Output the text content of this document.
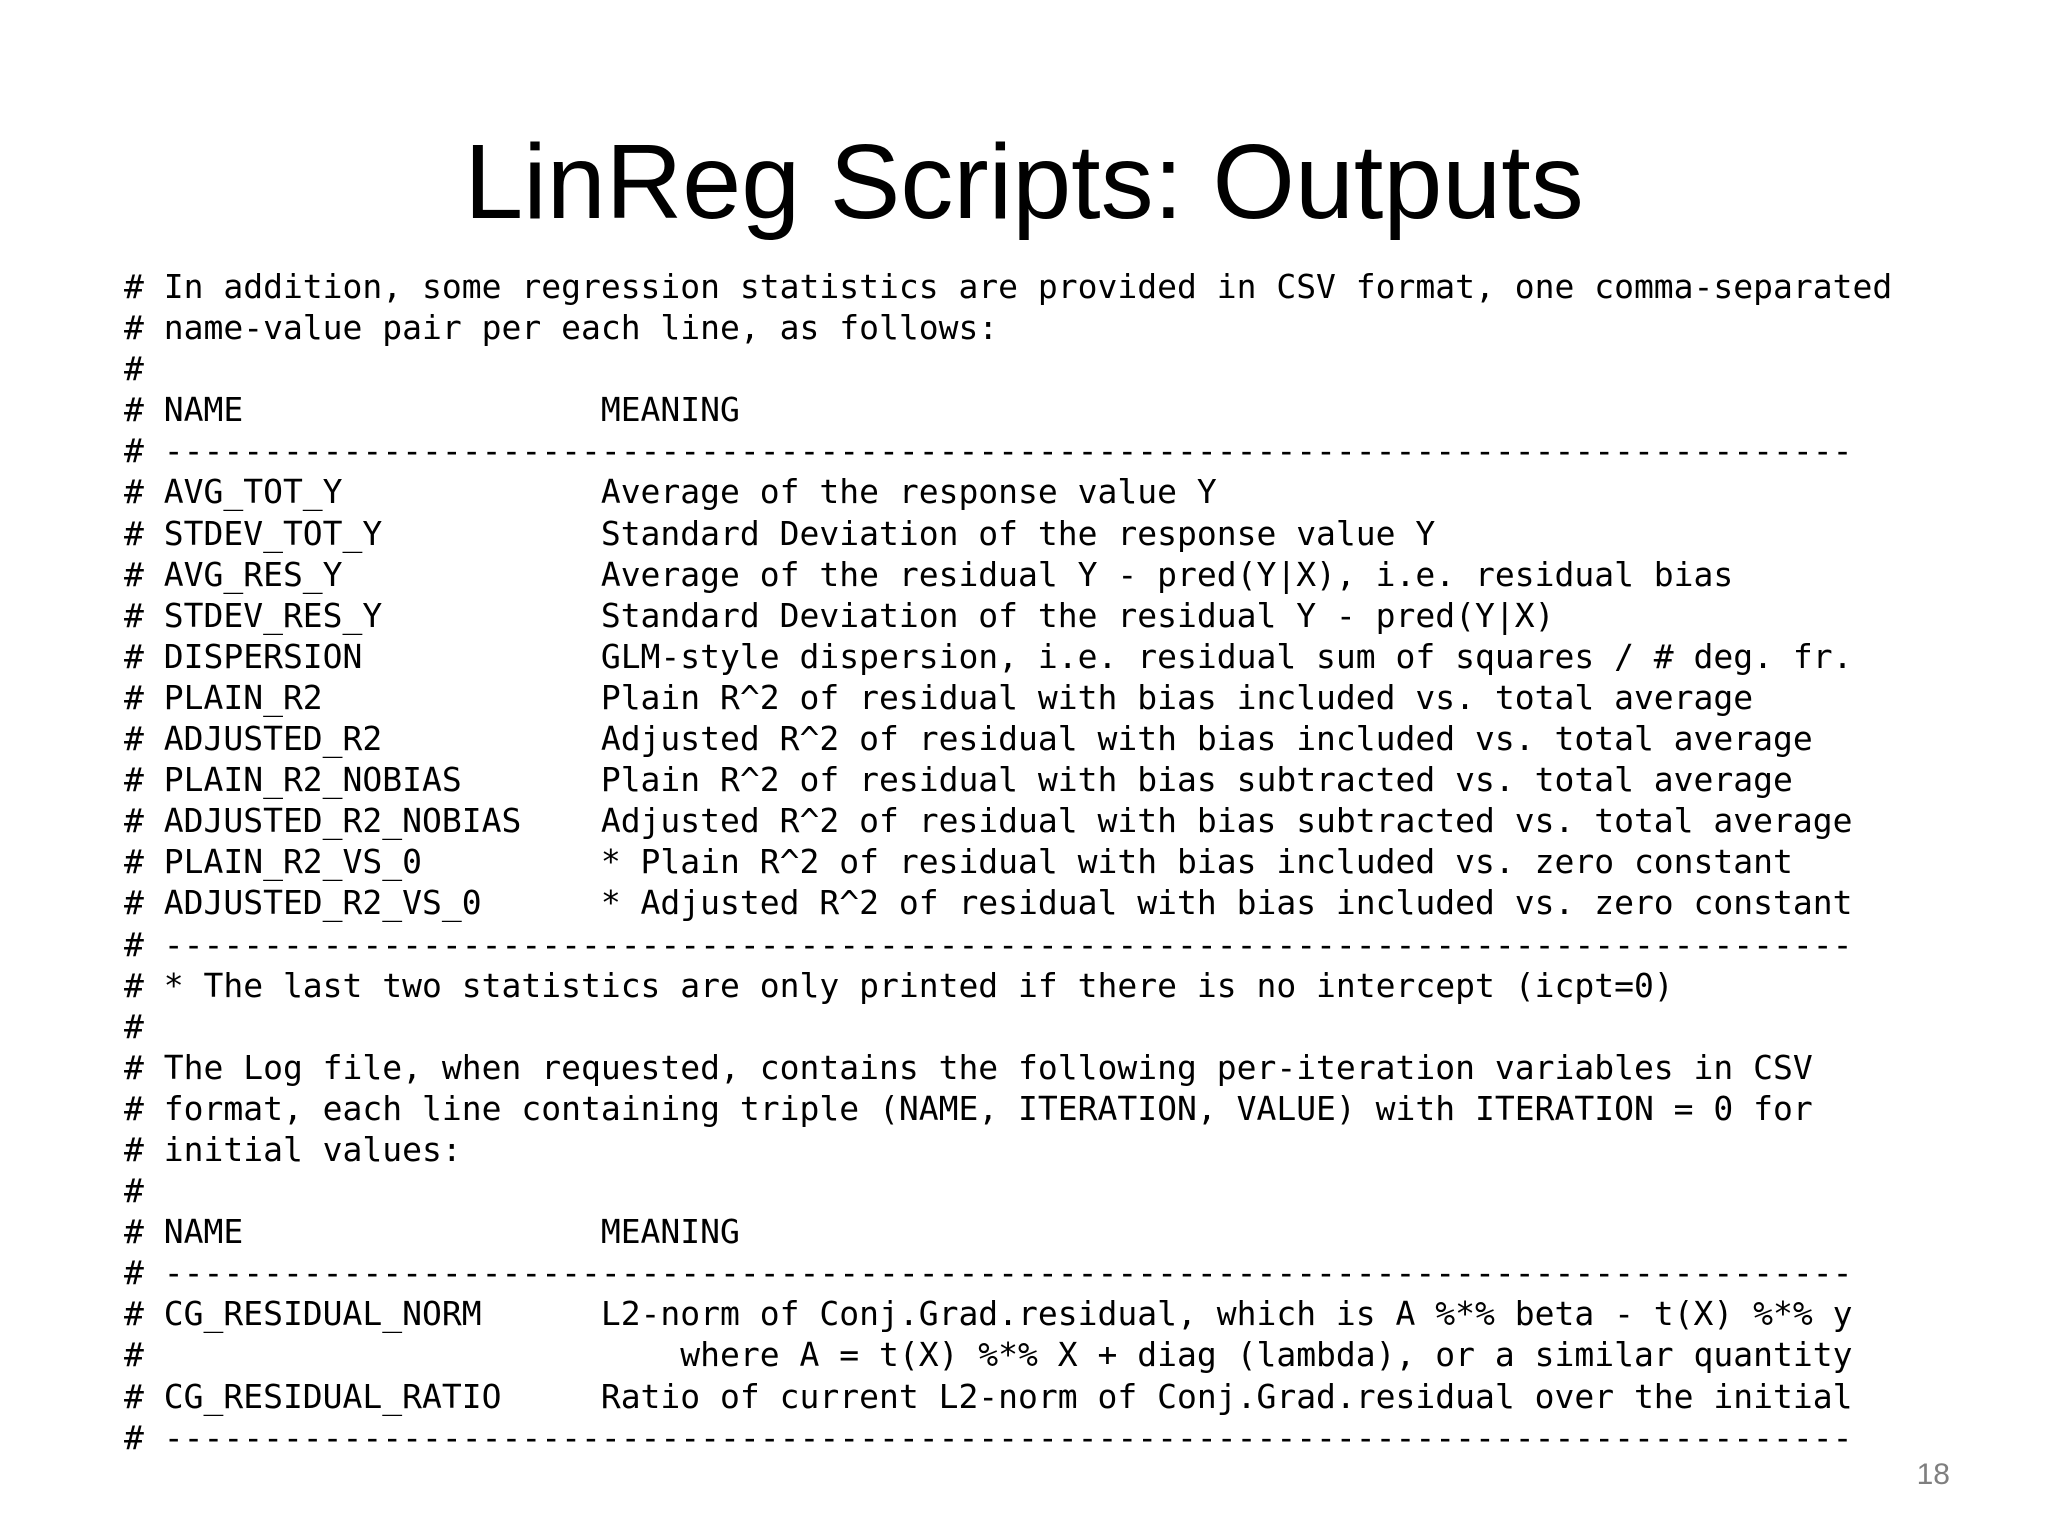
LinReg Scripts: Outputs
# In addition, some regression statistics are provided in CSV format, one comma-separated
# name-value pair per each line, as follows:
#
# NAME                  MEANING
# -------------------------------------------------------------------------------------
# AVG_TOT_Y             Average of the response value Y
# STDEV_TOT_Y           Standard Deviation of the response value Y
# AVG_RES_Y             Average of the residual Y - pred(Y|X), i.e. residual bias
# STDEV_RES_Y           Standard Deviation of the residual Y - pred(Y|X)
# DISPERSION            GLM-style dispersion, i.e. residual sum of squares / # deg. fr.
# PLAIN_R2              Plain R^2 of residual with bias included vs. total average
# ADJUSTED_R2           Adjusted R^2 of residual with bias included vs. total average
# PLAIN_R2_NOBIAS       Plain R^2 of residual with bias subtracted vs. total average
# ADJUSTED_R2_NOBIAS    Adjusted R^2 of residual with bias subtracted vs. total average
# PLAIN_R2_VS_0         * Plain R^2 of residual with bias included vs. zero constant
# ADJUSTED_R2_VS_0      * Adjusted R^2 of residual with bias included vs. zero constant
# -------------------------------------------------------------------------------------
# * The last two statistics are only printed if there is no intercept (icpt=0)
#
# The Log file, when requested, contains the following per-iteration variables in CSV
# format, each line containing triple (NAME, ITERATION, VALUE) with ITERATION = 0 for
# initial values:
#
# NAME                  MEANING
# -------------------------------------------------------------------------------------
# CG_RESIDUAL_NORM      L2-norm of Conj.Grad.residual, which is A %*% beta - t(X) %*% y
#                           where A = t(X) %*% X + diag (lambda), or a similar quantity
# CG_RESIDUAL_RATIO     Ratio of current L2-norm of Conj.Grad.residual over the initial
# -------------------------------------------------------------------------------------
18
